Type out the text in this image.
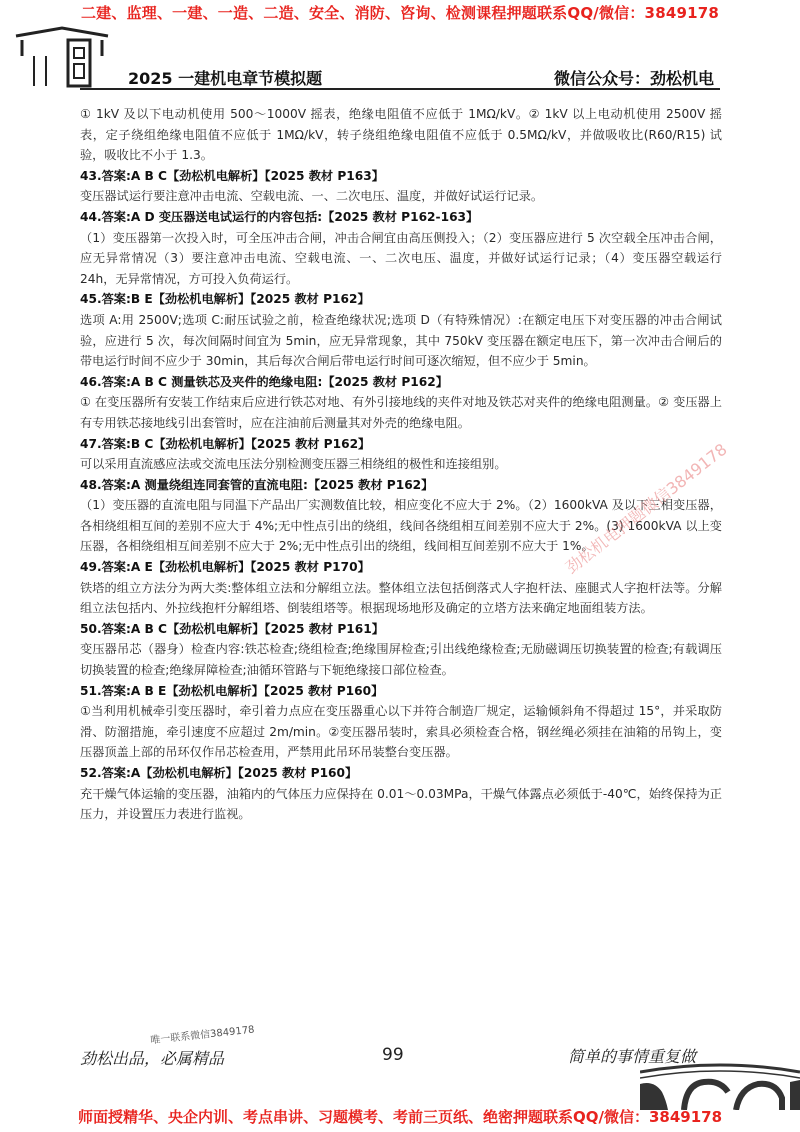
二建、监理、一建、一造、二造、安全、消防、咨询、检测课程押题联系QQ/微信：3849178
2025 一建机电章节模拟题	微信公众号：劲松机电

① 1kV 及以下电动机使用 500～1000V 摇表，绝缘电阻值不应低于 1MΩ/kV。② 1kV 以上电动机使用 2500V 摇表，定子绕组绝缘电阻值不应低于 1MΩ/kV，转子绕组绝缘电阻值不应低于 0.5MΩ/kV，并做吸收比(R60/R15) 试验，吸收比不小于 1.3。

43.答案:A B C【劲松机电解析】【2025 教材 P163】

变压器试运行要注意冲击电流、空载电流、一、二次电压、温度，并做好试运行记录。

44.答案:A D 变压器送电试运行的内容包括:【2025 教材 P162-163】

（1）变压器第一次投入时，可全压冲击合闸，冲击合闸宜由高压侧投入；（2）变压器应进行 5 次空载全压冲击合闸，应无异常情况（3）要注意冲击电流、空载电流、一、二次电压、温度，并做好试运行记录；（4）变压器空载运行 24h，无异常情况，方可投入负荷运行。

45.答案:B E【劲松机电解析】【2025 教材 P162】

选项 A:用 2500V;选项 C:耐压试验之前，检查绝缘状况;选项 D（有特殊情况）:在额定电压下对变压器的冲击合闸试验，应进行 5 次，每次间隔时间宜为 5min，应无异常现象，其中 750kV 变压器在额定电压下，第一次冲击合闸后的带电运行时间不应少于 30min，其后每次合闸后带电运行时间可逐次缩短，但不应少于 5min。

46.答案:A B C 测量铁芯及夹件的绝缘电阻:【2025 教材 P162】

① 在变压器所有安装工作结束后应进行铁芯对地、有外引接地线的夹件对地及铁芯对夹件的绝缘电阻测量。② 变压器上有专用铁芯接地线引出套管时，应在注油前后测量其对外壳的绝缘电阻。

47.答案:B C【劲松机电解析】【2025 教材 P162】

可以采用直流感应法或交流电压法分别检测变压器三相绕组的极性和连接组别。

48.答案:A 测量绕组连同套管的直流电阻:【2025 教材 P162】

（1）变压器的直流电阻与同温下产品出厂实测数值比较，相应变化不应大于 2%。（2）1600kVA 及以下三相变压器，各相绕组相互间的差别不应大于 4%;无中性点引出的绕组，线间各绕组相互间差别不应大于 2%。(3) 1600kVA 以上变压器，各相绕组相互间差别不应大于 2%;无中性点引出的绕组，线间相互间差别不应大于 1%。

49.答案:A E【劲松机电解析】【2025 教材 P170】

铁塔的组立方法分为两大类:整体组立法和分解组立法。整体组立法包括倒落式人字抱杆法、座腿式人字抱杆法等。分解组立法包括内、外拉线抱杆分解组塔、倒装组塔等。根据现场地形及确定的立塔方法来确定地面组装方法。

50.答案:A B C【劲松机电解析】【2025 教材 P161】

变压器吊芯（器身）检查内容:铁芯检查;绕组检查;绝缘围屏检查;引出线绝缘检查;无励磁调压切换装置的检查;有载调压切换装置的检查;绝缘屏障检查;油循环管路与下轭绝缘接口部位检查。

51.答案:A B E【劲松机电解析】【2025 教材 P160】

①当利用机械牵引变压器时，牵引着力点应在变压器重心以下并符合制造厂规定，运输倾斜角不得超过 15°，并采取防滑、防溜措施，牵引速度不应超过 2m/min。②变压器吊装时，索具必须检查合格，钢丝绳必须挂在油箱的吊钩上，变压器顶盖上部的吊环仅作吊芯检查用，严禁用此吊环吊装整台变压器。

52.答案:A【劲松机电解析】【2025 教材 P160】

充干燥气体运输的变压器，油箱内的气体压力应保持在 0.01～0.03MPa，干燥气体露点必须低于-40℃，始终保持为正压力，并设置压力表进行监视。

劲松机电押题微信3849178
唯一联系微信3849178
劲松出品，必属精品	99	简单的事情重复做
师面授精华、央企内训、考点串讲、习题模考、考前三页纸、绝密押题联系QQ/微信：3849178
